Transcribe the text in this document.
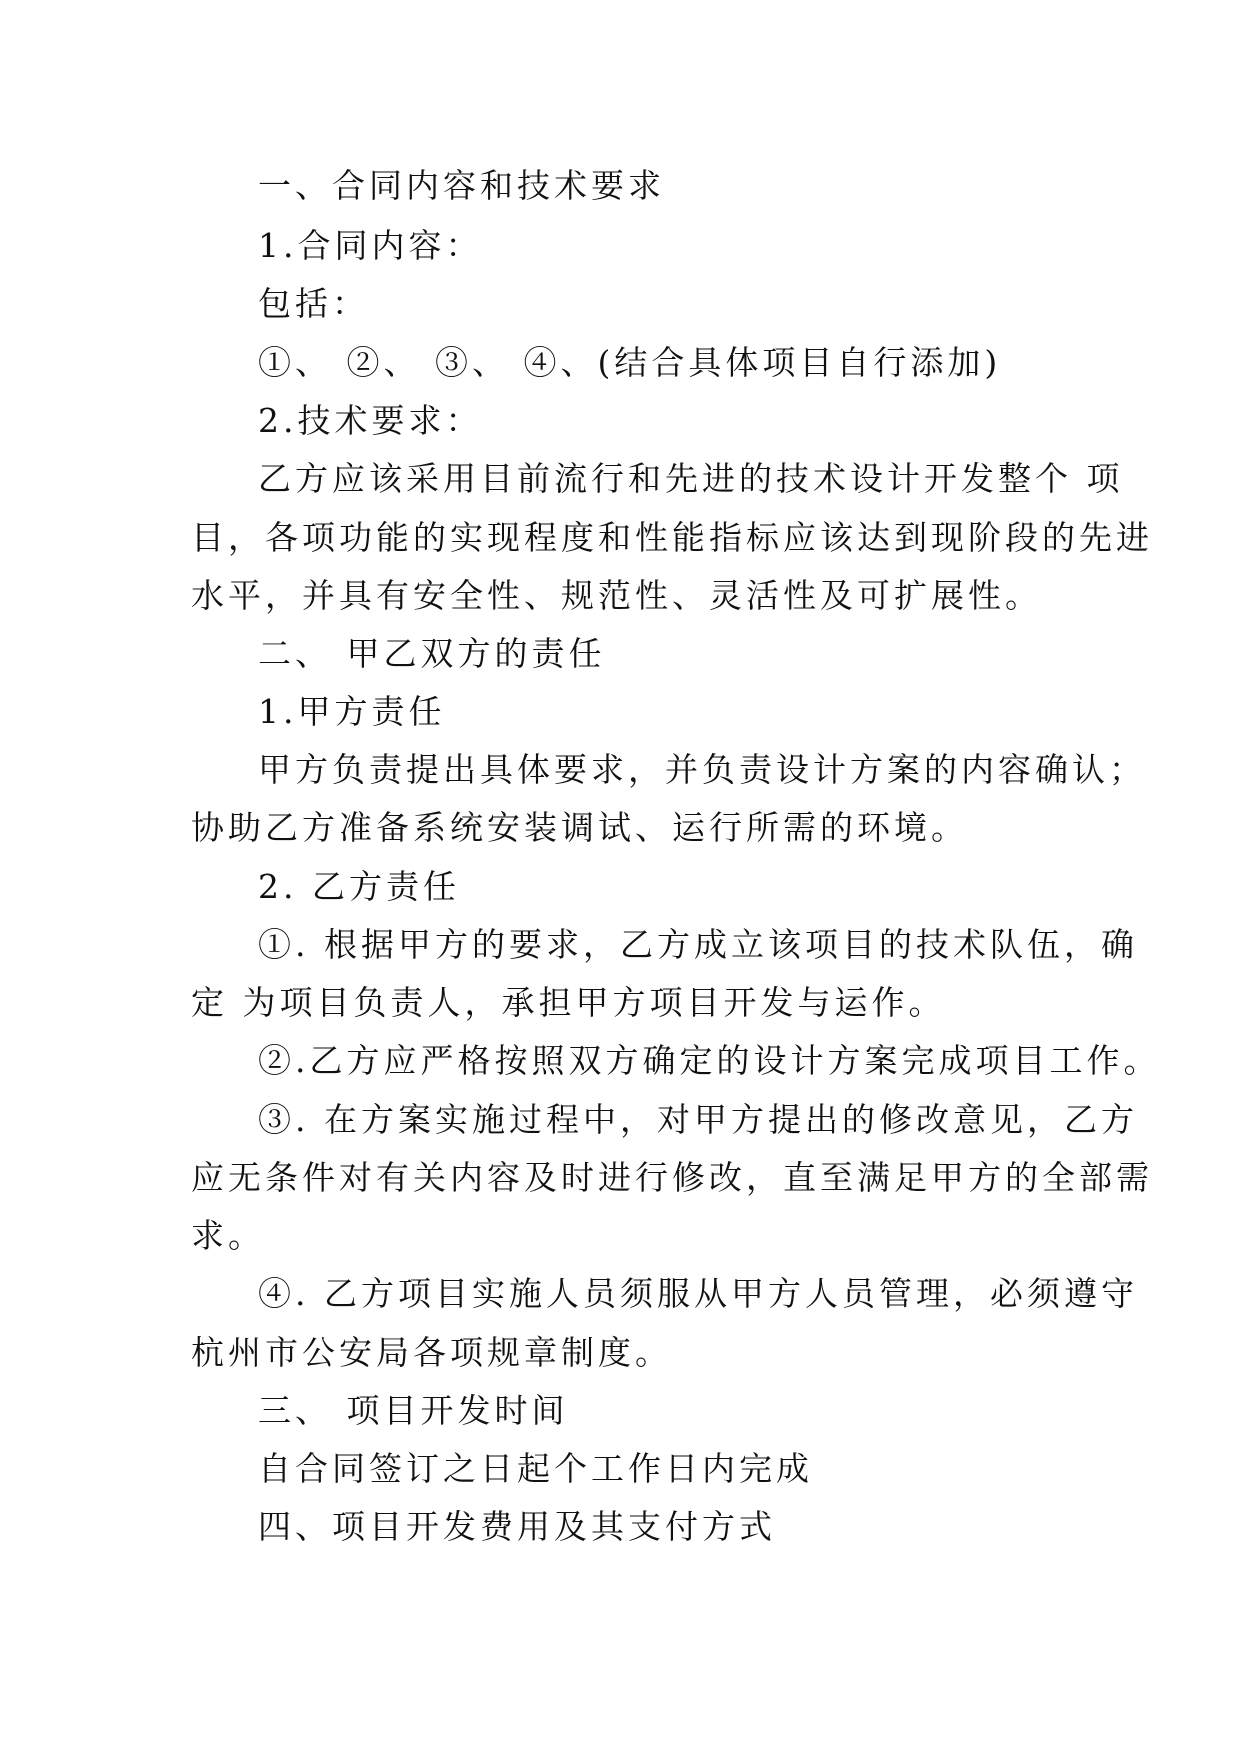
一、合同内容和技术要求
1.合同内容：
包括：
①、 ②、 ③、 ④、(结合具体项目自行添加)
2.技术要求：
乙方应该采用目前流行和先进的技术设计开发整个 项
目，各项功能的实现程度和性能指标应该达到现阶段的先进
水平，并具有安全性、规范性、灵活性及可扩展性。
二、 甲乙双方的责任
1.甲方责任
甲方负责提出具体要求，并负责设计方案的内容确认；
协助乙方准备系统安装调试、运行所需的环境。
2. 乙方责任
①. 根据甲方的要求，乙方成立该项目的技术队伍，确
定 为项目负责人，承担甲方项目开发与运作。
②.乙方应严格按照双方确定的设计方案完成项目工作。
③. 在方案实施过程中，对甲方提出的修改意见，乙方
应无条件对有关内容及时进行修改，直至满足甲方的全部需
求。
④. 乙方项目实施人员须服从甲方人员管理，必须遵守
杭州市公安局各项规章制度。
三、 项目开发时间
自合同签订之日起个工作日内完成
四、项目开发费用及其支付方式
